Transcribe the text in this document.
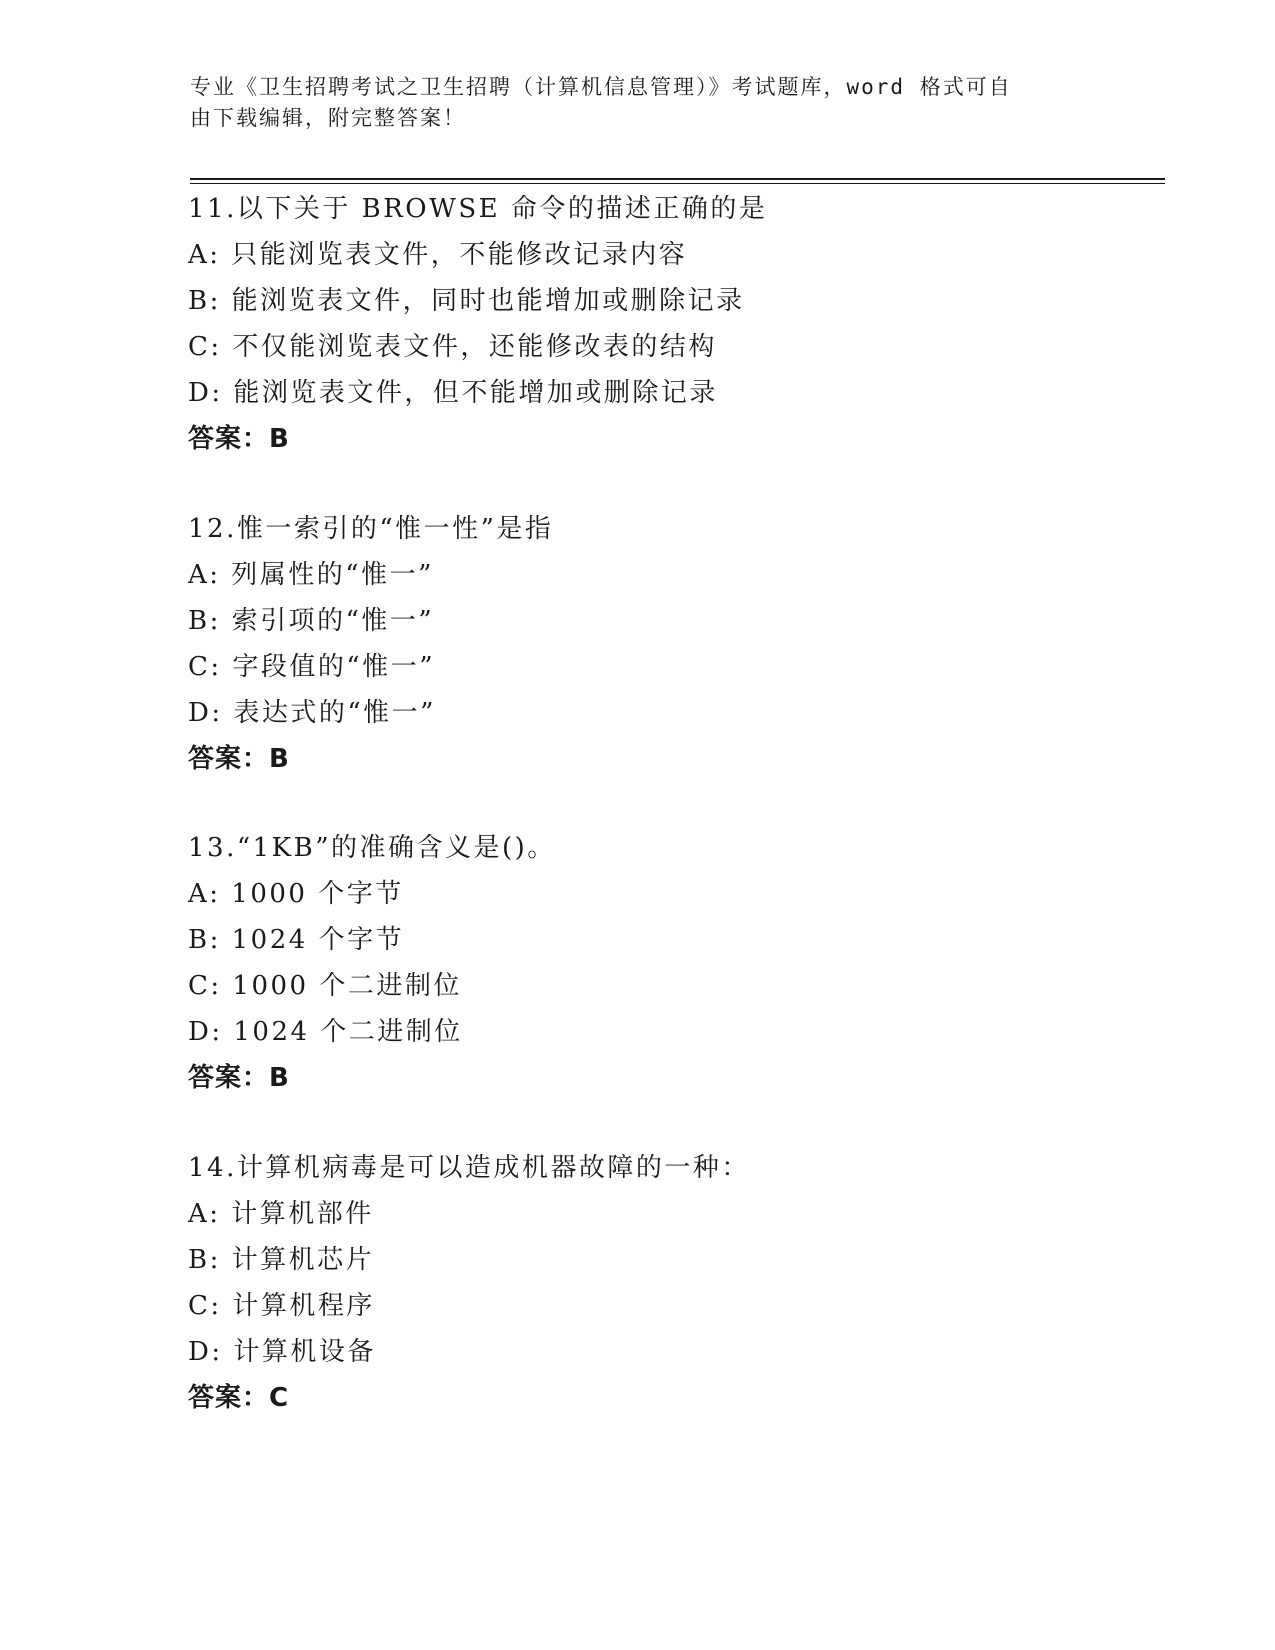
专业《卫生招聘考试之卫生招聘（计算机信息管理）》考试题库，word 格式可自
由下载编辑，附完整答案！
11.以下关于 BROWSE 命令的描述正确的是
A: 只能浏览表文件，不能修改记录内容
B: 能浏览表文件，同时也能增加或删除记录
C: 不仅能浏览表文件，还能修改表的结构
D: 能浏览表文件，但不能增加或删除记录
答案：B
12.惟一索引的“惟一性”是指
A: 列属性的“惟一”
B: 索引项的“惟一”
C: 字段值的“惟一”
D: 表达式的“惟一”
答案：B
13.“1KB”的准确含义是()。
A: 1000 个字节
B: 1024 个字节
C: 1000 个二进制位
D: 1024 个二进制位
答案：B
14.计算机病毒是可以造成机器故障的一种：
A: 计算机部件
B: 计算机芯片
C: 计算机程序
D: 计算机设备
答案：C
